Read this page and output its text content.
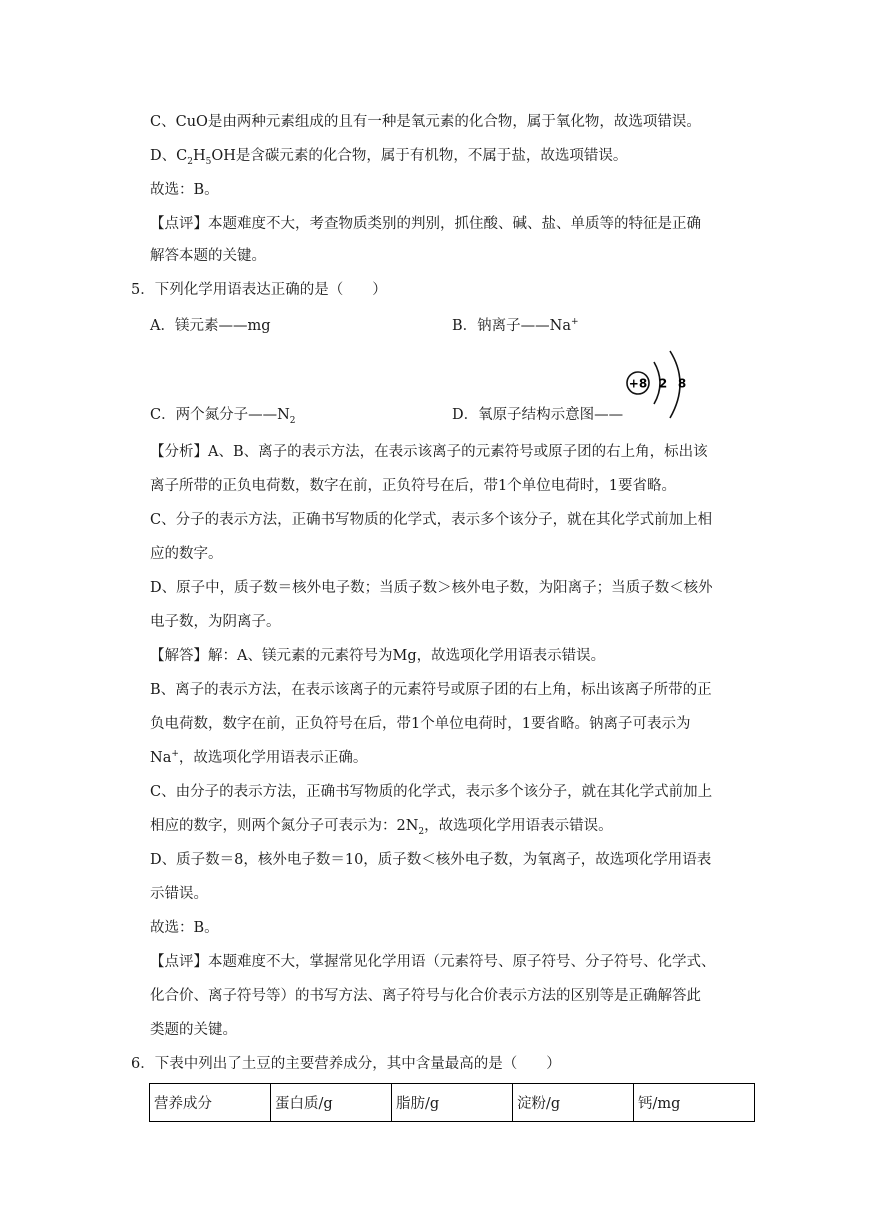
C、CuO是由两种元素组成的且有一种是氧元素的化合物，属于氧化物，故选项错误。
D、$C_2H_5OH$是含碳元素的化合物，属于有机物，不属于盐，故选项错误。
故选：B。
【点评】本题难度不大，考查物质类别的判别，抓住酸、碱、盐、单质等的特征是正确
解答本题的关键。
5．下列化学用语表达正确的是（　　）
A．镁元素——mg	B．钠离子——Na+
C．两个氮分子$——N_2$	D．氧原子结构示意图——
+8 2 8
【分析】A、B、离子的表示方法，在表示该离子的元素符号或原子团的右上角，标出该
离子所带的正负电荷数，数字在前，正负符号在后，带1个单位电荷时，1要省略。
C、分子的表示方法，正确书写物质的化学式，表示多个该分子，就在其化学式前加上相
应的数字。
D、原子中，质子数＝核外电子数；当质子数＞核外电子数，为阳离子；当质子数＜核外
电子数，为阴离子。
【解答】解：A、镁元素的元素符号为Mg，故选项化学用语表示错误。
B、离子的表示方法，在表示该离子的元素符号或原子团的右上角，标出该离子所带的正
负电荷数，数字在前，正负符号在后，带1个单位电荷时，1要省略。钠离子可表示为
Na+，故选项化学用语表示正确。
C、由分子的表示方法，正确书写物质的化学式，表示多个该分子，就在其化学式前加上
相应的数字，则两个氮分子可表示为：$2N_2$，故选项化学用语表示错误。
D、质子数＝8，核外电子数＝10，质子数＜核外电子数，为氧离子，故选项化学用语表
示错误。
故选：B。
【点评】本题难度不大，掌握常见化学用语（元素符号、原子符号、分子符号、化学式、
化合价、离子符号等）的书写方法、离子符号与化合价表示方法的区别等是正确解答此
类题的关键。
6．下表中列出了土豆的主要营养成分，其中含量最高的是（　　）
营养成分	蛋白质/g	脂肪/g	淀粉/g	钙/mg
